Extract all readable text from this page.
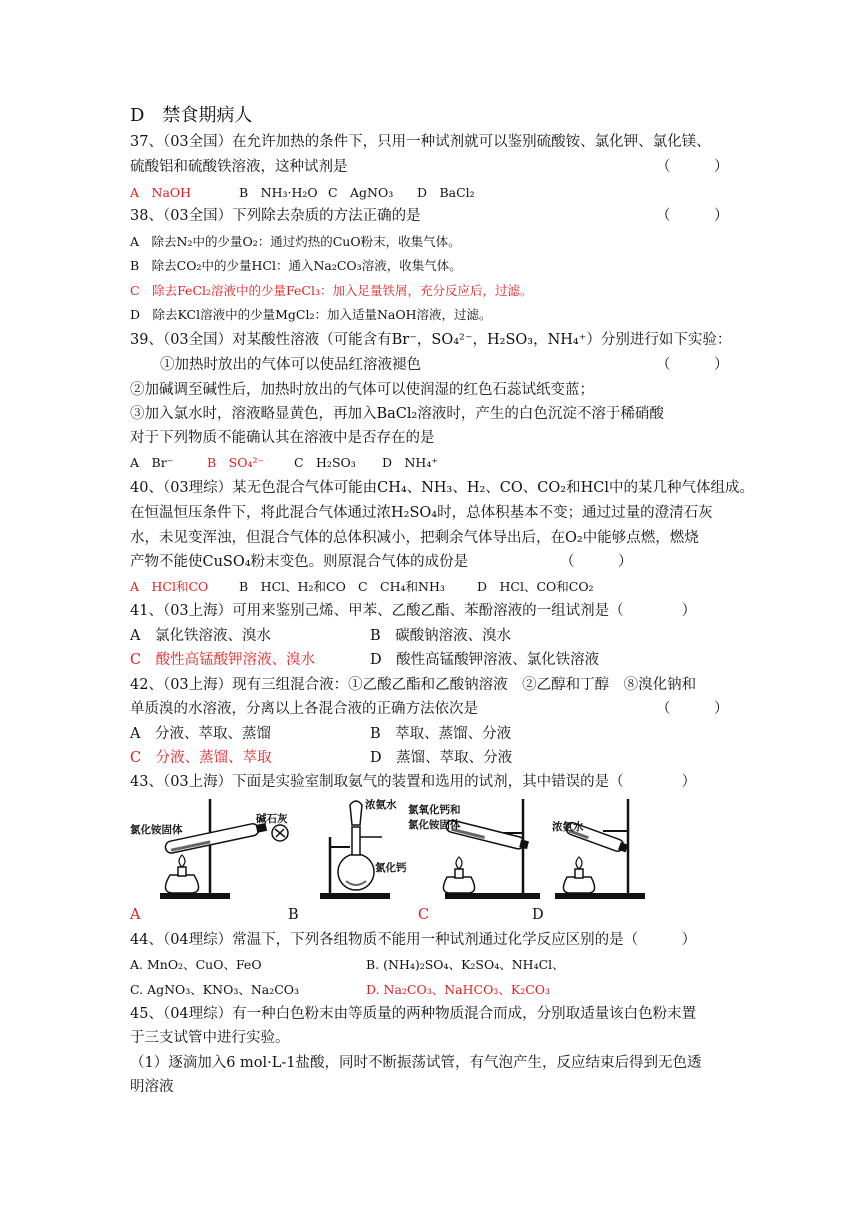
D　禁食期病人
37、（03全国）在允许加热的条件下，只用一种试剂就可以鉴别硫酸铵、氯化钾、氯化镁、
硫酸铝和硫酸铁溶液，这种试剂是	（　　　）
A　NaOH	B　NH₃·H₂O C　AgNO₃ D　BaCl₂
38、（03全国）下列除去杂质的方法正确的是	（　　　）
A　除去N₂中的少量O₂：通过灼热的CuO粉末，收集气体。
B　除去CO₂中的少量HCl：通入Na₂CO₃溶液，收集气体。
C　除去FeCl₂溶液中的少量FeCl₃：加入足量铁屑，充分反应后，过滤。
D　除去KCl溶液中的少量MgCl₂：加入适量NaOH溶液，过滤。
39、（03全国）对某酸性溶液（可能含有Br⁻，SO₄²⁻，H₂SO₃，NH₄⁺）分别进行如下实验：
①加热时放出的气体可以使品红溶液褪色	（　　　）
②加碱调至碱性后，加热时放出的气体可以使润湿的红色石蕊试纸变蓝；
③加入氯水时，溶液略显黄色，再加入BaCl₂溶液时，产生的白色沉淀不溶于稀硝酸
对于下列物质不能确认其在溶液中是否存在的是
A　Br⁻	B　SO₄²⁻ C　H₂SO₃ D　NH₄⁺
40、（03理综）某无色混合气体可能由CH₄、NH₃、H₂、CO、CO₂和HCl中的某几种气体组成。
在恒温恒压条件下，将此混合气体通过浓H₂SO₄时，总体积基本不变；通过过量的澄清石灰
水，未见变浑浊，但混合气体的总体积减小，把剩余气体导出后，在O₂中能够点燃，燃烧
产物不能使CuSO₄粉末变色。则原混合气体的成份是	（　　　）
A　HCl和CO B　HCl、H₂和CO C　CH₄和NH₃	D　HCl、CO和CO₂
41、（03上海）可用来鉴别己烯、甲苯、乙酸乙酯、苯酚溶液的一组试剂是（　　　　）
A　氯化铁溶液、溴水	B　碳酸钠溶液、溴水
C　酸性高锰酸钾溶液、溴水	D　酸性高锰酸钾溶液、氯化铁溶液
42、（03上海）现有三组混合液：①乙酸乙酯和乙酸钠溶液　②乙醇和丁醇　⑧溴化钠和
单质溴的水溶液，分离以上各混合液的正确方法依次是	（　　　）
A　分液、萃取、蒸馏	B　萃取、蒸馏、分液
C　分液、蒸馏、萃取	D　蒸馏、萃取、分液
43、（03上海）下面是实验室制取氨气的装置和选用的试剂，其中错误的是（　　　　）
氯化铵固体
碱石灰
浓氨水
氯化钙
氯氧化钙和
氯化铵固体	浓氨水
A	B	C	D
44、（04理综）常温下，下列各组物质不能用一种试剂通过化学反应区别的是（　　　）
A. MnO₂、CuO、FeO	B. (NH₄)₂SO₄、K₂SO₄、NH₄Cl、
C. AgNO₃、KNO₃、Na₂CO₃	D. Na₂CO₃、NaHCO₃、K₂CO₃
45、（04理综）有一种白色粉末由等质量的两种物质混合而成，分别取适量该白色粉末置
于三支试管中进行实验。
（1）逐滴加入6 mol·L-1盐酸，同时不断振荡试管，有气泡产生，反应结束后得到无色透
明溶液
